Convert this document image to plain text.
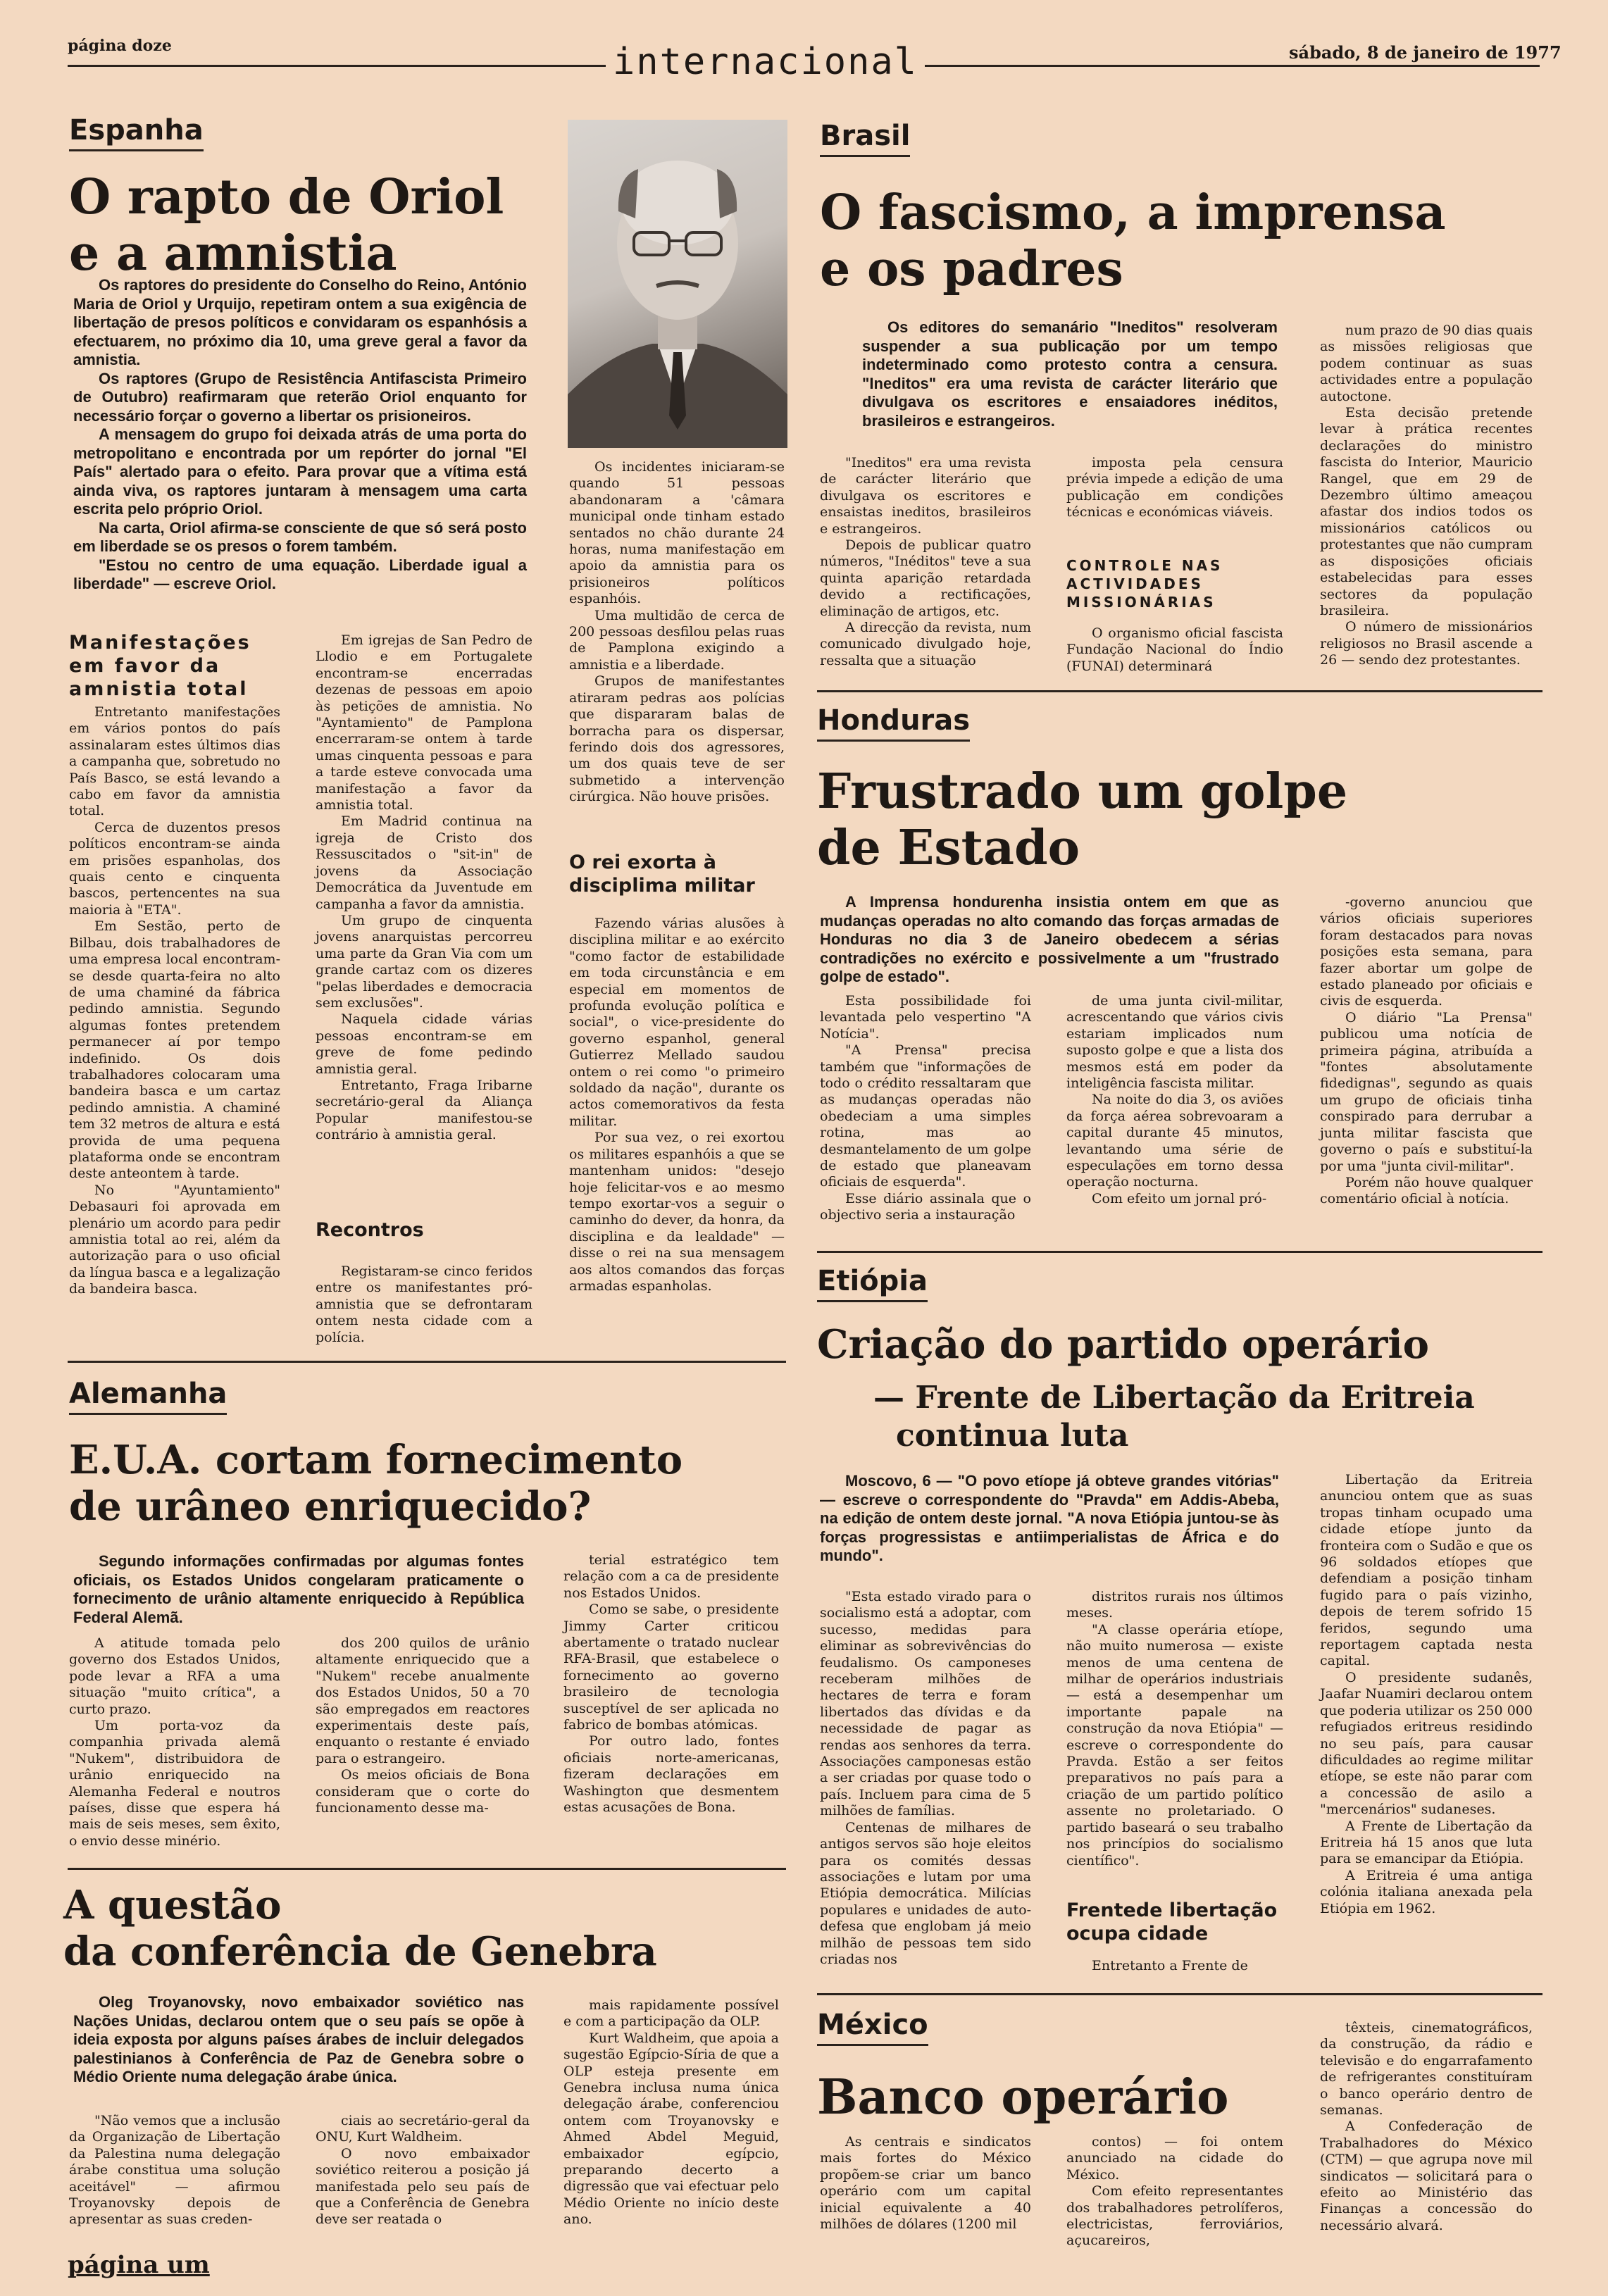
página doze	internacional	sábado, 8 de janeiro de 1977
Espanha
O rapto de Oriol
e a amnistia

Os raptores do presidente do Conselho do Reino, António Maria de Oriol y Urquijo, repetiram ontem a sua exigência de libertação de presos políticos e convidaram os espanhósis a efectuarem, no próximo dia 10, uma greve geral a favor da amnistia.

Os raptores (Grupo de Resistência Antifascista Primeiro de Outubro) reafirmaram que reterão Oriol enquanto for necessário forçar o governo a libertar os prisioneiros.

A mensagem do grupo foi deixada atrás de uma porta do metropolitano e encontrada por um repórter do jornal "El País" alertado para o efeito. Para provar que a vítima está ainda viva, os raptores juntaram à mensagem uma carta escrita pelo próprio Oriol.

Na carta, Oriol afirma-se consciente de que só será posto em liberdade se os presos o forem também.

"Estou no centro de uma equação. Liberdade igual a liberdade" — escreve Oriol.

Manifestações em favor da amnistia total

Entretanto manifestações em vários pontos do país assinalaram estes últimos dias a campanha que, sobretudo no País Basco, se está levando a cabo em favor da amnistia total.

Cerca de duzentos presos políticos encontram-se ainda em prisões espanholas, dos quais cento e cinquenta bascos, pertencentes na sua maioria à "ETA".

Em Sestão, perto de Bilbau, dois trabalhadores de uma empresa local encontram-se desde quarta-feira no alto de uma chaminé da fábrica pedindo amnistia. Segundo algumas fontes pretendem permanecer aí por tempo indefinido. Os dois trabalhadores colocaram uma bandeira basca e um cartaz pedindo amnistia. A chaminé tem 32 metros de altura e está provida de uma pequena plataforma onde se encontram deste anteontem à tarde.

No "Ayuntamiento" Debasauri foi aprovada em plenário um acordo para pedir amnistia total ao rei, além da autorização para o uso oficial da língua basca e a legalização da bandeira basca.

Em igrejas de San Pedro de Llodio e em Portugalete encontram-se encerradas dezenas de pessoas em apoio às petições de amnistia. No "Ayntamiento" de Pamplona encerraram-se ontem à tarde umas cinquenta pessoas e para a tarde esteve convocada uma manifestação a favor da amnistia total.

Em Madrid continua na igreja de Cristo dos Ressuscitados o "sit-in" de jovens da Associação Democrática da Juventude em campanha a favor da amnistia.

Um grupo de cinquenta jovens anarquistas percorreu uma parte da Gran Via com um grande cartaz com os dizeres "pelas liberdades e democracia sem exclusões".

Naquela cidade várias pessoas encontram-se em greve de fome pedindo amnistia geral.

Entretanto, Fraga Iribarne secretário-geral da Aliança Popular manifestou-se contrário à amnistia geral.

Recontros

Registaram-se cinco feridos entre os manifestantes pró-amnistia que se defrontaram ontem nesta cidade com a polícia.

Os incidentes iniciaram-se quando 51 pessoas abandonaram a 'câmara municipal onde tinham estado sentados no chão durante 24 horas, numa manifestação em apoio da amnistia para os prisioneiros políticos espanhóis.

Uma multidão de cerca de 200 pessoas desfilou pelas ruas de Pamplona exigindo a amnistia e a liberdade.

Grupos de manifestantes atiraram pedras aos polícias que dispararam balas de borracha para os dispersar, ferindo dois dos agressores, um dos quais teve de ser submetido a intervenção cirúrgica. Não houve prisões.

O rei exorta à disciplima militar

Fazendo várias alusões à disciplina militar e ao exército "como factor de estabilidade em toda circunstância e em especial em momentos de profunda evolução política e social", o vice-presidente do governo espanhol, general Gutierrez Mellado saudou ontem o rei como "o primeiro soldado da nação", durante os actos comemorativos da festa militar.

Por sua vez, o rei exortou os militares espanhóis a que se mantenham unidos: "desejo hoje felicitar-vos e ao mesmo tempo exortar-vos a seguir o caminho do dever, da honra, da disciplina e da lealdade" — disse o rei na sua mensagem aos altos comandos das forças armadas espanholas.

Brasil
O fascismo, a imprensa
e os padres

Os editores do semanário "Ineditos" resolveram suspender a sua publicação por um tempo indeterminado como protesto contra a censura. "Ineditos" era uma revista de carácter literário que divulgava os escritores e ensaiadores inéditos, brasileiros e estrangeiros.

"Ineditos" era uma revista de carácter literário que divulgava os escritores e ensaistas ineditos, brasileiros e estrangeiros.

Depois de publicar quatro números, "Inéditos" teve a sua quinta aparição retardada devido a rectificações, eliminação de artigos, etc.

A direcção da revista, num comunicado divulgado hoje, ressalta que a situação

imposta pela censura prévia impede a edição de uma publicação em condições técnicas e económicas viáveis.

CONTROLE NAS ACTIVIDADES MISSIONÁRIAS

O organismo oficial fascista Fundação Nacional do Índio (FUNAI) determinará

num prazo de 90 dias quais as missões religiosas que podem continuar as suas actividades entre a população autoctone.

Esta decisão pretende levar à prática recentes declarações do ministro fascista do Interior, Mauricio Rangel, que em 29 de Dezembro último ameaçou afastar dos indios todos os missionários católicos ou protestantes que não cumpram as disposições oficiais estabelecidas para esses sectores da população brasileira.

O número de missionários religiosos no Brasil ascende a 26 — sendo dez protestantes.

Honduras
Frustrado um golpe
de Estado

A Imprensa hondurenha insistia ontem em que as mudanças operadas no alto comando das forças armadas de Honduras no dia 3 de Janeiro obedecem a sérias contradições no exército e possivelmente a um "frustrado golpe de estado".

Esta possibilidade foi levantada pelo vespertino "A Notícia".

"A Prensa" precisa também que "informações de todo o crédito ressaltaram que as mudanças operadas não obedeciam a uma simples rotina, mas ao desmantelamento de um golpe de estado que planeavam oficiais de esquerda".

Esse diário assinala que o objectivo seria a instauração

de uma junta civil-militar, acrescentando que vários civis estariam implicados num suposto golpe e que a lista dos mesmos está em poder da inteligência fascista militar.

Na noite do dia 3, os aviões da força aérea sobrevoaram a capital durante 45 minutos, levantando uma série de especulações em torno dessa operação nocturna.

Com efeito um jornal pró-

-governo anunciou que vários oficiais superiores foram destacados para novas posições esta semana, para fazer abortar um golpe de estado planeado por oficiais e civis de esquerda.

O diário "La Prensa" publicou uma notícia de primeira página, atribuída a "fontes absolutamente fidedignas", segundo as quais um grupo de oficiais tinha conspirado para derrubar a junta militar fascista que governo o país e substituí-la por uma "junta civil-militar".

Porém não houve qualquer comentário oficial à notícia.

Etiópia
Criação do partido operário
— Frente de Libertação da Eritreia
continua luta

Moscovo, 6 — "O povo etíope já obteve grandes vitórias" — escreve o correspondente do "Pravda" em Addis-Abeba, na edição de ontem deste jornal. "A nova Etiópia juntou-se às forças progressistas e antiimperialistas de África e do mundo".

"Esta estado virado para o socialismo está a adoptar, com sucesso, medidas para eliminar as sobrevivências do feudalismo. Os camponeses receberam milhões de hectares de terra e foram libertados das dívidas e da necessidade de pagar as rendas aos senhores da terra. Associações camponesas estão a ser criadas por quase todo o país. Incluem para cima de 5 milhões de famílias.

Centenas de milhares de antigos servos são hoje eleitos para os comités dessas associações e lutam por uma Etiópia democrática. Milícias populares e unidades de auto-defesa que englobam já meio milhão de pessoas tem sido criadas nos

distritos rurais nos últimos meses.

"A classe operária etíope, não muito numerosa — existe menos de uma centena de milhar de operários industriais — está a desempenhar um importante papale na construção da nova Etiópia" — escreve o correspondente do Pravda. Estão a ser feitos preparativos no país para a criação de um partido político assente no proletariado. O partido baseará o seu trabalho nos princípios do socialismo científico".

Frentede libertação ocupa cidade

Entretanto a Frente de

Libertação da Eritreia anunciou ontem que as suas tropas tinham ocupado uma cidade etíope junto da fronteira com o Sudão e que os 96 soldados etíopes que defendiam a posição tinham fugido para o país vizinho, depois de terem sofrido 15 feridos, segundo uma reportagem captada nesta capital.

O presidente sudanês, Jaafar Nuamiri declarou ontem que poderia utilizar os 250 000 refugiados eritreus residindo no seu país, para causar dificuldades ao regime militar etíope, se este não parar com a concessão de asilo a "mercenários" sudaneses.

A Frente de Libertação da Eritreia há 15 anos que luta para se emancipar da Etiópia.

A Eritreia é uma antiga colónia italiana anexada pela Etiópia em 1962.

Alemanha
E.U.A. cortam fornecimento
de urâneo enriquecido?

Segundo informações confirmadas por algumas fontes oficiais, os Estados Unidos congelaram praticamente o fornecimento de urânio altamente enriquecido à República Federal Alemã.

A atitude tomada pelo governo dos Estados Unidos, pode levar a RFA a uma situação "muito crítica", a curto prazo.

Um porta-voz da companhia privada alemã "Nukem", distribuidora de urânio enriquecido na Alemanha Federal e noutros países, disse que espera há mais de seis meses, sem êxito, o envio desse minério.

dos 200 quilos de urânio altamente enriquecido que a "Nukem" recebe anualmente dos Estados Unidos, 50 a 70 são empregados em reactores experimentais deste país, enquanto o restante é enviado para o estrangeiro.

Os meios oficiais de Bona consideram que o corte do funcionamento desse ma-

terial estratégico tem relação com a ca de presidente nos Estados Unidos.

Como se sabe, o presidente Jimmy Carter criticou abertamente o tratado nuclear RFA-Brasil, que estabelece o fornecimento ao governo brasileiro de tecnologia susceptível de ser aplicada no fabrico de bombas atómicas.

Por outro lado, fontes oficiais norte-americanas, fizeram declarações em Washington que desmentem estas acusações de Bona.

A questão
da conferência de Genebra

Oleg Troyanovsky, novo embaixador soviético nas Nações Unidas, declarou ontem que o seu país se opõe à ideia exposta por alguns países árabes de incluir delegados palestinianos à Conferência de Paz de Genebra sobre o Médio Oriente numa delegação árabe única.

"Não vemos que a inclusão da Organização de Libertação da Palestina numa delegação árabe constitua uma solução aceitável" — afirmou Troyanovsky depois de apresentar as suas creden-

ciais ao secretário-geral da ONU, Kurt Waldheim.

O novo embaixador soviético reiterou a posição já manifestada pelo seu país de que a Conferência de Genebra deve ser reatada o

mais rapidamente possível e com a participação da OLP.

Kurt Waldheim, que apoia a sugestão Egípcio-Síria de que a OLP esteja presente em Genebra inclusa numa única delegação árabe, conferenciou ontem com Troyanovsky e Ahmed Abdel Meguid, embaixador egípcio, preparando decerto a digressão que vai efectuar pelo Médio Oriente no início deste ano.

México
Banco operário

As centrais e sindicatos mais fortes do México propõem-se criar um banco operário com um capital inicial equivalente a 40 milhões de dólares (1200 mil

contos) — foi ontem anunciado na cidade do México.

Com efeito representantes dos trabalhadores petrolíferos, electricistas, ferroviários, açucareiros,

têxteis, cinematográficos, da construção, da rádio e televisão e do engarrafamento de refrigerantes constituíram o banco operário dentro de semanas.

A Confederação de Trabalhadores do México (CTM) — que agrupa nove mil sindicatos — solicitará para o efeito ao Ministério das Finanças a concessão do necessário alvará.

página um
